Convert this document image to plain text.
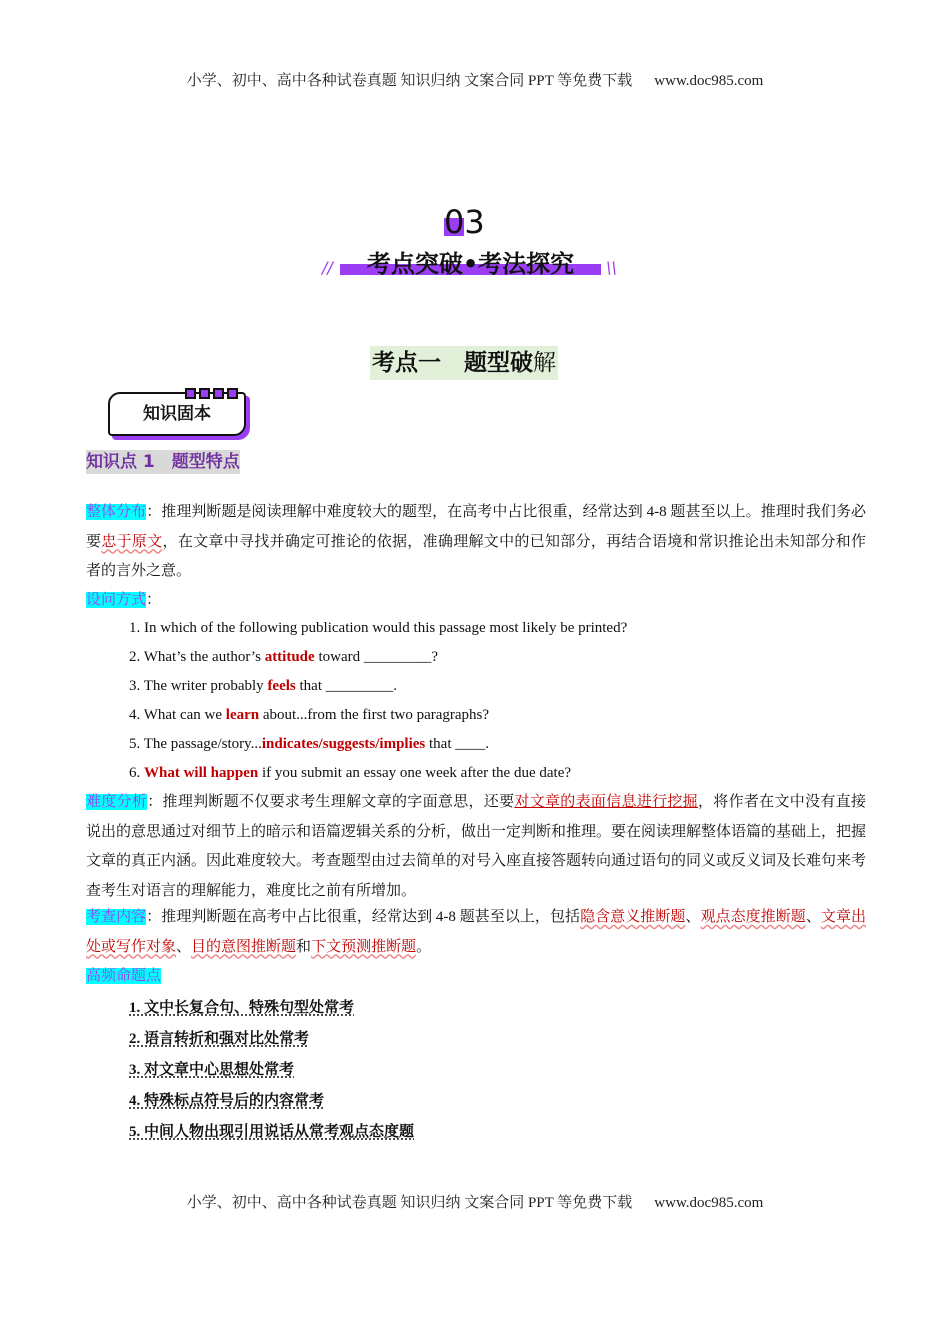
小学、初中、高中各种试卷真题 知识归纳 文案合同 PPT 等免费下载 www.doc985.com
03
//	考点突破•考法探究	\\
考点一　题型破解
知识固本
知识点 1　题型特点
整体分布：推理判断题是阅读理解中难度较大的题型，在高考中占比很重，经常达到 4-8 题甚至以上。推理时我们务必要忠于原文，在文章中寻找并确定可推论的依据，准确理解文中的已知部分，再结合语境和常识推论出未知部分和作者的言外之意。
设问方式：
1. In which of the following publication would this passage most likely be printed?
2. What’s the author’s attitude toward _________?
3. The writer probably feels that _________.
4. What can we learn about...from the first two paragraphs?
5. The passage/story...indicates/suggests/implies that ____.
6. What will happen if you submit an essay one week after the due date?
难度分析：推理判断题不仅要求考生理解文章的字面意思，还要对文章的表面信息进行挖掘，将作者在文中没有直接说出的意思通过对细节上的暗示和语篇逻辑关系的分析，做出一定判断和推理。要在阅读理解整体语篇的基础上，把握文章的真正内涵。因此难度较大。考查题型由过去简单的对号入座直接答题转向通过语句的同义或反义词及长难句来考查考生对语言的理解能力，难度比之前有所增加。
考查内容：推理判断题在高考中占比很重，经常达到 4-8 题甚至以上，包括隐含意义推断题、观点态度推断题、文章出处或写作对象、目的意图推断题和下文预测推断题。
高频命题点
1. 文中长复合句、特殊句型处常考
2. 语言转折和强对比处常考
3. 对文章中心思想处常考
4. 特殊标点符号后的内容常考
5. 中间人物出现引用说话从常考观点态度题
小学、初中、高中各种试卷真题 知识归纳 文案合同 PPT 等免费下载 www.doc985.com
